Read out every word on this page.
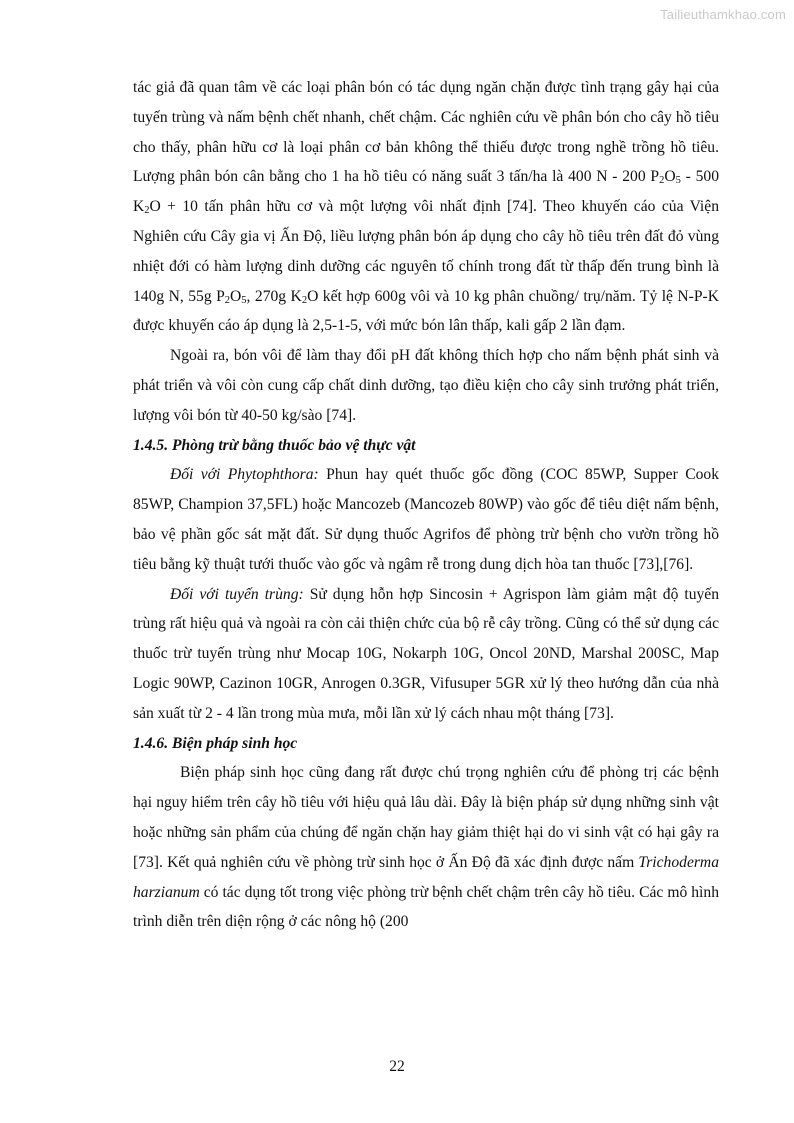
Tailieuthamkhao.com

tác giả đã quan tâm về các loại phân bón có tác dụng ngăn chặn được tình trạng gây hại của tuyến trùng và nấm bệnh chết nhanh, chết chậm. Các nghiên cứu về phân bón cho cây hồ tiêu cho thấy, phân hữu cơ là loại phân cơ bản không thể thiếu được trong nghề trồng hồ tiêu. Lượng phân bón cân bằng cho 1 ha hồ tiêu có năng suất 3 tấn/ha là 400 N - 200 $P_2O_5 - 500$ $K_2O + 10$ tấn phân hữu cơ và một lượng vôi nhất định [74]. Theo khuyến cáo của Viện Nghiên cứu Cây gia vị Ấn Độ, liều lượng phân bón áp dụng cho cây hồ tiêu trên đất đỏ vùng nhiệt đới có hàm lượng dinh dưỡng các nguyên tố chính trong đất từ thấp đến trung bình là 140g N, 55g $P_2O_5$, 270g $K_2O$ kết hợp 600g vôi và 10 kg phân chuồng/ trụ/năm. Tỷ lệ N-P-K được khuyến cáo áp dụng là 2,5-1-5, với mức bón lân thấp, kali gấp 2 lần đạm.

Ngoài ra, bón vôi để làm thay đổi pH đất không thích hợp cho nấm bệnh phát sinh và phát triển và vôi còn cung cấp chất dinh dưỡng, tạo điều kiện cho cây sinh trưởng phát triển, lượng vôi bón từ 40-50 kg/sào [74].

1.4.5. Phòng trừ bằng thuốc bảo vệ thực vật

Đối với Phytophthora: Phun hay quét thuốc gốc đồng (COC 85WP, Supper Cook 85WP, Champion 37,5FL) hoặc Mancozeb (Mancozeb 80WP) vào gốc để tiêu diệt nấm bệnh, bảo vệ phần gốc sát mặt đất. Sử dụng thuốc Agrifos để phòng trừ bệnh cho vườn trồng hồ tiêu bằng kỹ thuật tưới thuốc vào gốc và ngâm rễ trong dung dịch hòa tan thuốc [73],[76].

Đối với tuyến trùng: Sử dụng hỗn hợp Sincosin + Agrispon làm giảm mật độ tuyến trùng rất hiệu quả và ngoài ra còn cải thiện chức của bộ rễ cây trồng. Cũng có thể sử dụng các thuốc trừ tuyến trùng như Mocap 10G, Nokarph 10G, Oncol 20ND, Marshal 200SC, Map Logic 90WP, Cazinon 10GR, Anrogen 0.3GR, Vifusuper 5GR xử lý theo hướng dẫn của nhà sản xuất từ 2 - 4 lần trong mùa mưa, mỗi lần xử lý cách nhau một tháng [73].

1.4.6. Biện pháp sinh học

Biện pháp sinh học cũng đang rất được chú trọng nghiên cứu để phòng trị các bệnh hại nguy hiểm trên cây hồ tiêu với hiệu quả lâu dài. Đây là biện pháp sử dụng những sinh vật hoặc những sản phẩm của chúng để ngăn chặn hay giảm thiệt hại do vi sinh vật có hại gây ra [73]. Kết quả nghiên cứu về phòng trừ sinh học ở Ấn Độ đã xác định được nấm Trichoderma harzianum có tác dụng tốt trong việc phòng trừ bệnh chết chậm trên cây hồ tiêu. Các mô hình trình diễn trên diện rộng ở các nông hộ (200

22
